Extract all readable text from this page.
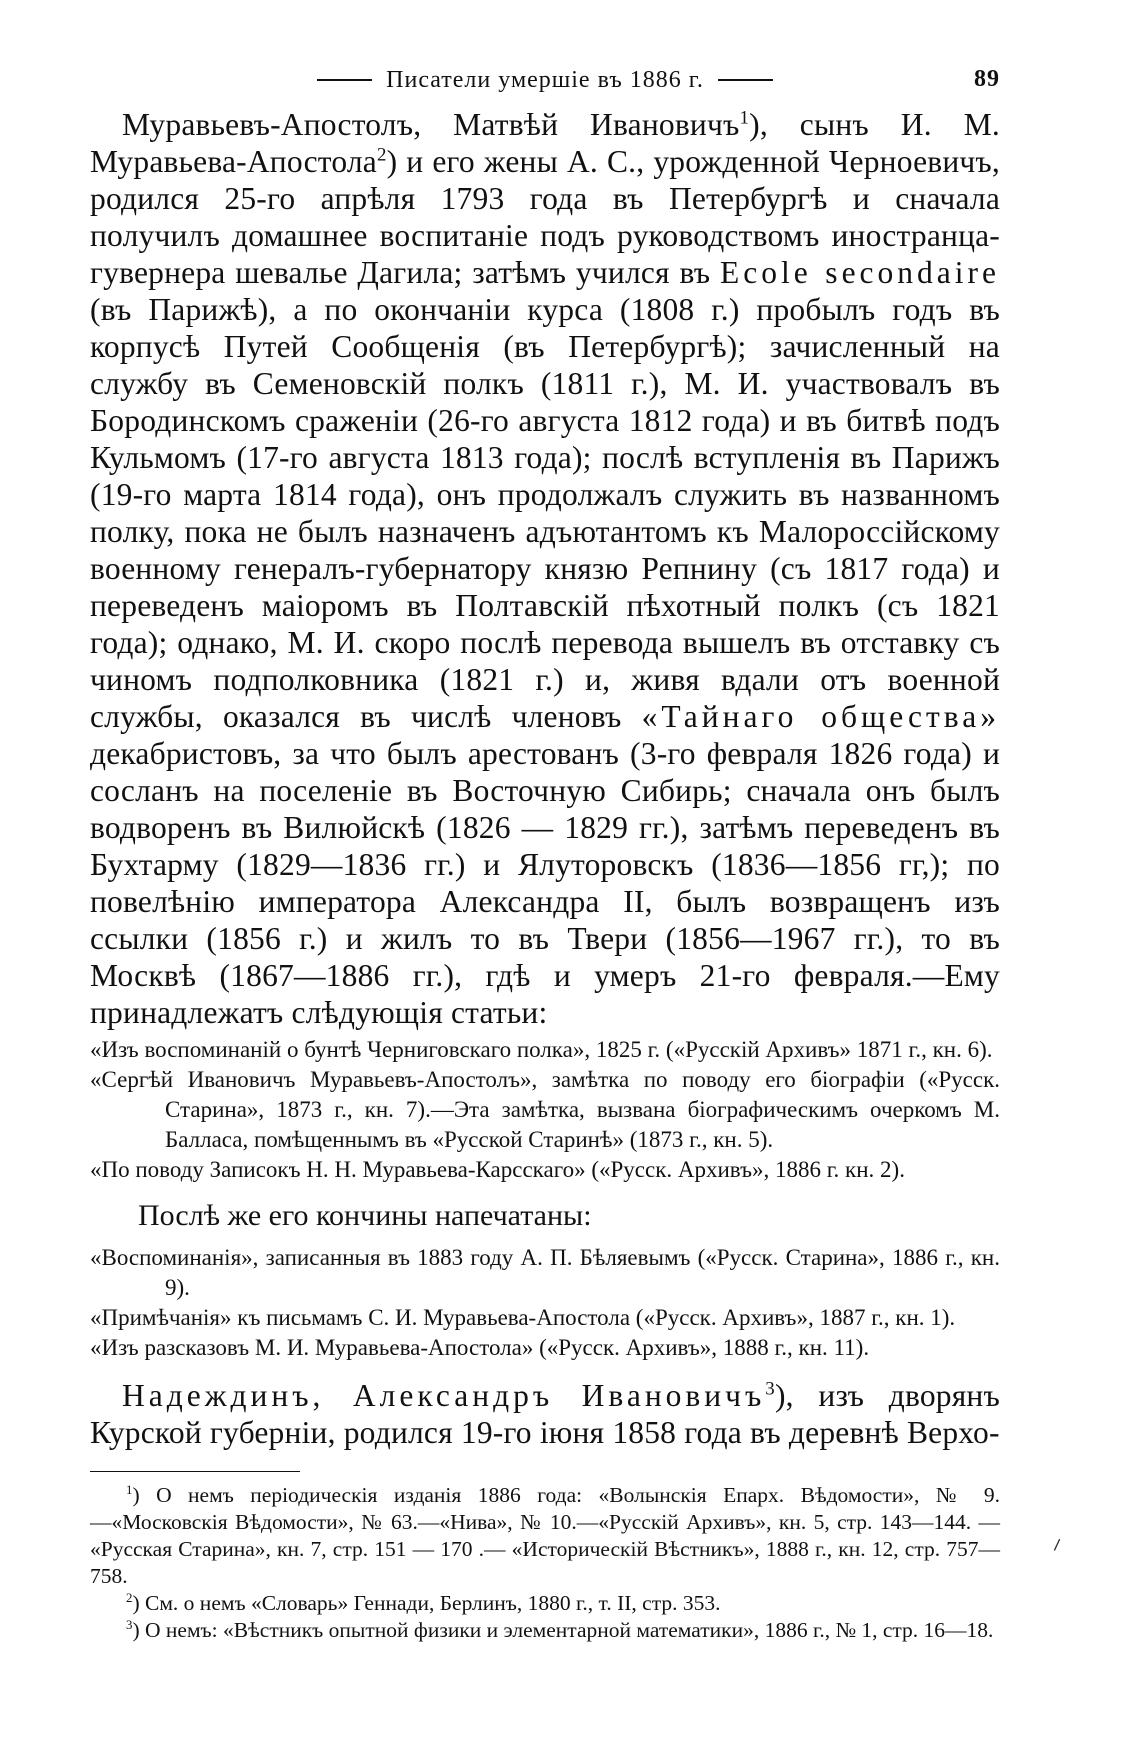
Писатели умершіе въ 1886 г.	89

Муравьевъ-Апостолъ, Матвѣй Ивановичъ$^1$), сынъ И. М. Муравьева-Апостола$^2$) и его жены А. С., урожденной Черноевичъ, родился 25-го апрѣля 1793 года въ Петербургѣ и сначала получилъ домашнее воспитаніе подъ руководствомъ иностранца-гувернера шевалье Дагила; затѣмъ учился въ Ecole secondaire (въ Парижѣ), а по окончаніи курса (1808 г.) пробылъ годъ въ корпусѣ Путей Сообщенія (въ Петербургѣ); зачисленный на службу въ Семеновскій полкъ (1811 г.), М. И. участвовалъ въ Бородинскомъ сраженіи (26-го августа 1812 года) и въ битвѣ подъ Кульмомъ (17-го августа 1813 года); послѣ вступленія въ Парижъ (19-го марта 1814 года), онъ продолжалъ служить въ названномъ полку, пока не былъ назначенъ адъютантомъ къ Малороссійскому военному генералъ-губернатору князю Репнину (съ 1817 года) и переведенъ маіоромъ въ Полтавскій пѣхотный полкъ (съ 1821 года); однако, М. И. скоро послѣ перевода вышелъ въ отставку съ чиномъ подполковника (1821 г.) и, живя вдали отъ военной службы, оказался въ числѣ членовъ «Тайнаго общества» декабристовъ, за что былъ арестованъ (3-го февраля 1826 года) и сосланъ на поселеніе въ Восточную Сибирь; сначала онъ былъ водворенъ въ Вилюйскѣ (1826 — 1829 гг.), затѣмъ переведенъ въ Бухтарму (1829—1836 гг.) и Ялуторовскъ (1836—1856 гг,); по повелѣнію императора Александра II, былъ возвращенъ изъ ссылки (1856 г.) и жилъ то въ Твери (1856—1967 гг.), то въ Москвѣ (1867—1886 гг.), гдѣ и умеръ 21-го февраля.—Ему принадлежатъ слѣдующія статьи:

«Изъ воспоминаній о бунтѣ Черниговскаго полка», 1825 г. («Русскій Архивъ» 1871 г., кн. 6).
«Сергѣй Ивановичъ Муравьевъ-Апостолъ», замѣтка по поводу его біографіи («Русск. Старина», 1873 г., кн. 7).—Эта замѣтка, вызвана біографическимъ очеркомъ М. Балласа, помѣщеннымъ въ «Русской Старинѣ» (1873 г., кн. 5).
«По поводу Записокъ Н. Н. Муравьева-Карсскаго» («Русск. Архивъ», 1886 г. кн. 2).
Послѣ же его кончины напечатаны:
«Воспоминанія», записанныя въ 1883 году А. П. Бѣляевымъ («Русск. Старина», 1886 г., кн. 9).
«Примѣчанія» къ письмамъ С. И. Муравьева-Апостола («Русск. Архивъ», 1887 г., кн. 1).
«Изъ разсказовъ М. И. Муравьева-Апостола» («Русск. Архивъ», 1888 г., кн. 11).

Надеждинъ, Александръ Ивановичъ$^3$), изъ дворянъ Курской губерніи, родился 19-го іюня 1858 года въ деревнѣ Верхо-

$^1$) О немъ періодическія изданія 1886 года: «Волынскія Епарх. Вѣдомости», № 9.—«Московскія Вѣдомости», № 63.—«Нива», № 10.—«Русскій Архивъ», кн. 5, стр. 143—144. — «Русская Старина», кн. 7, стр. 151 — 170 .— «Историческій Вѣстникъ», 1888 г., кн. 12, стр. 757—758.

$^2$) См. о немъ «Словарь» Геннади, Берлинъ, 1880 г., т. II, стр. 353.

$^3$) О немъ: «Вѣстникъ опытной физики и элементарной математики», 1886 г., № 1, стр. 16—18.

⸝
